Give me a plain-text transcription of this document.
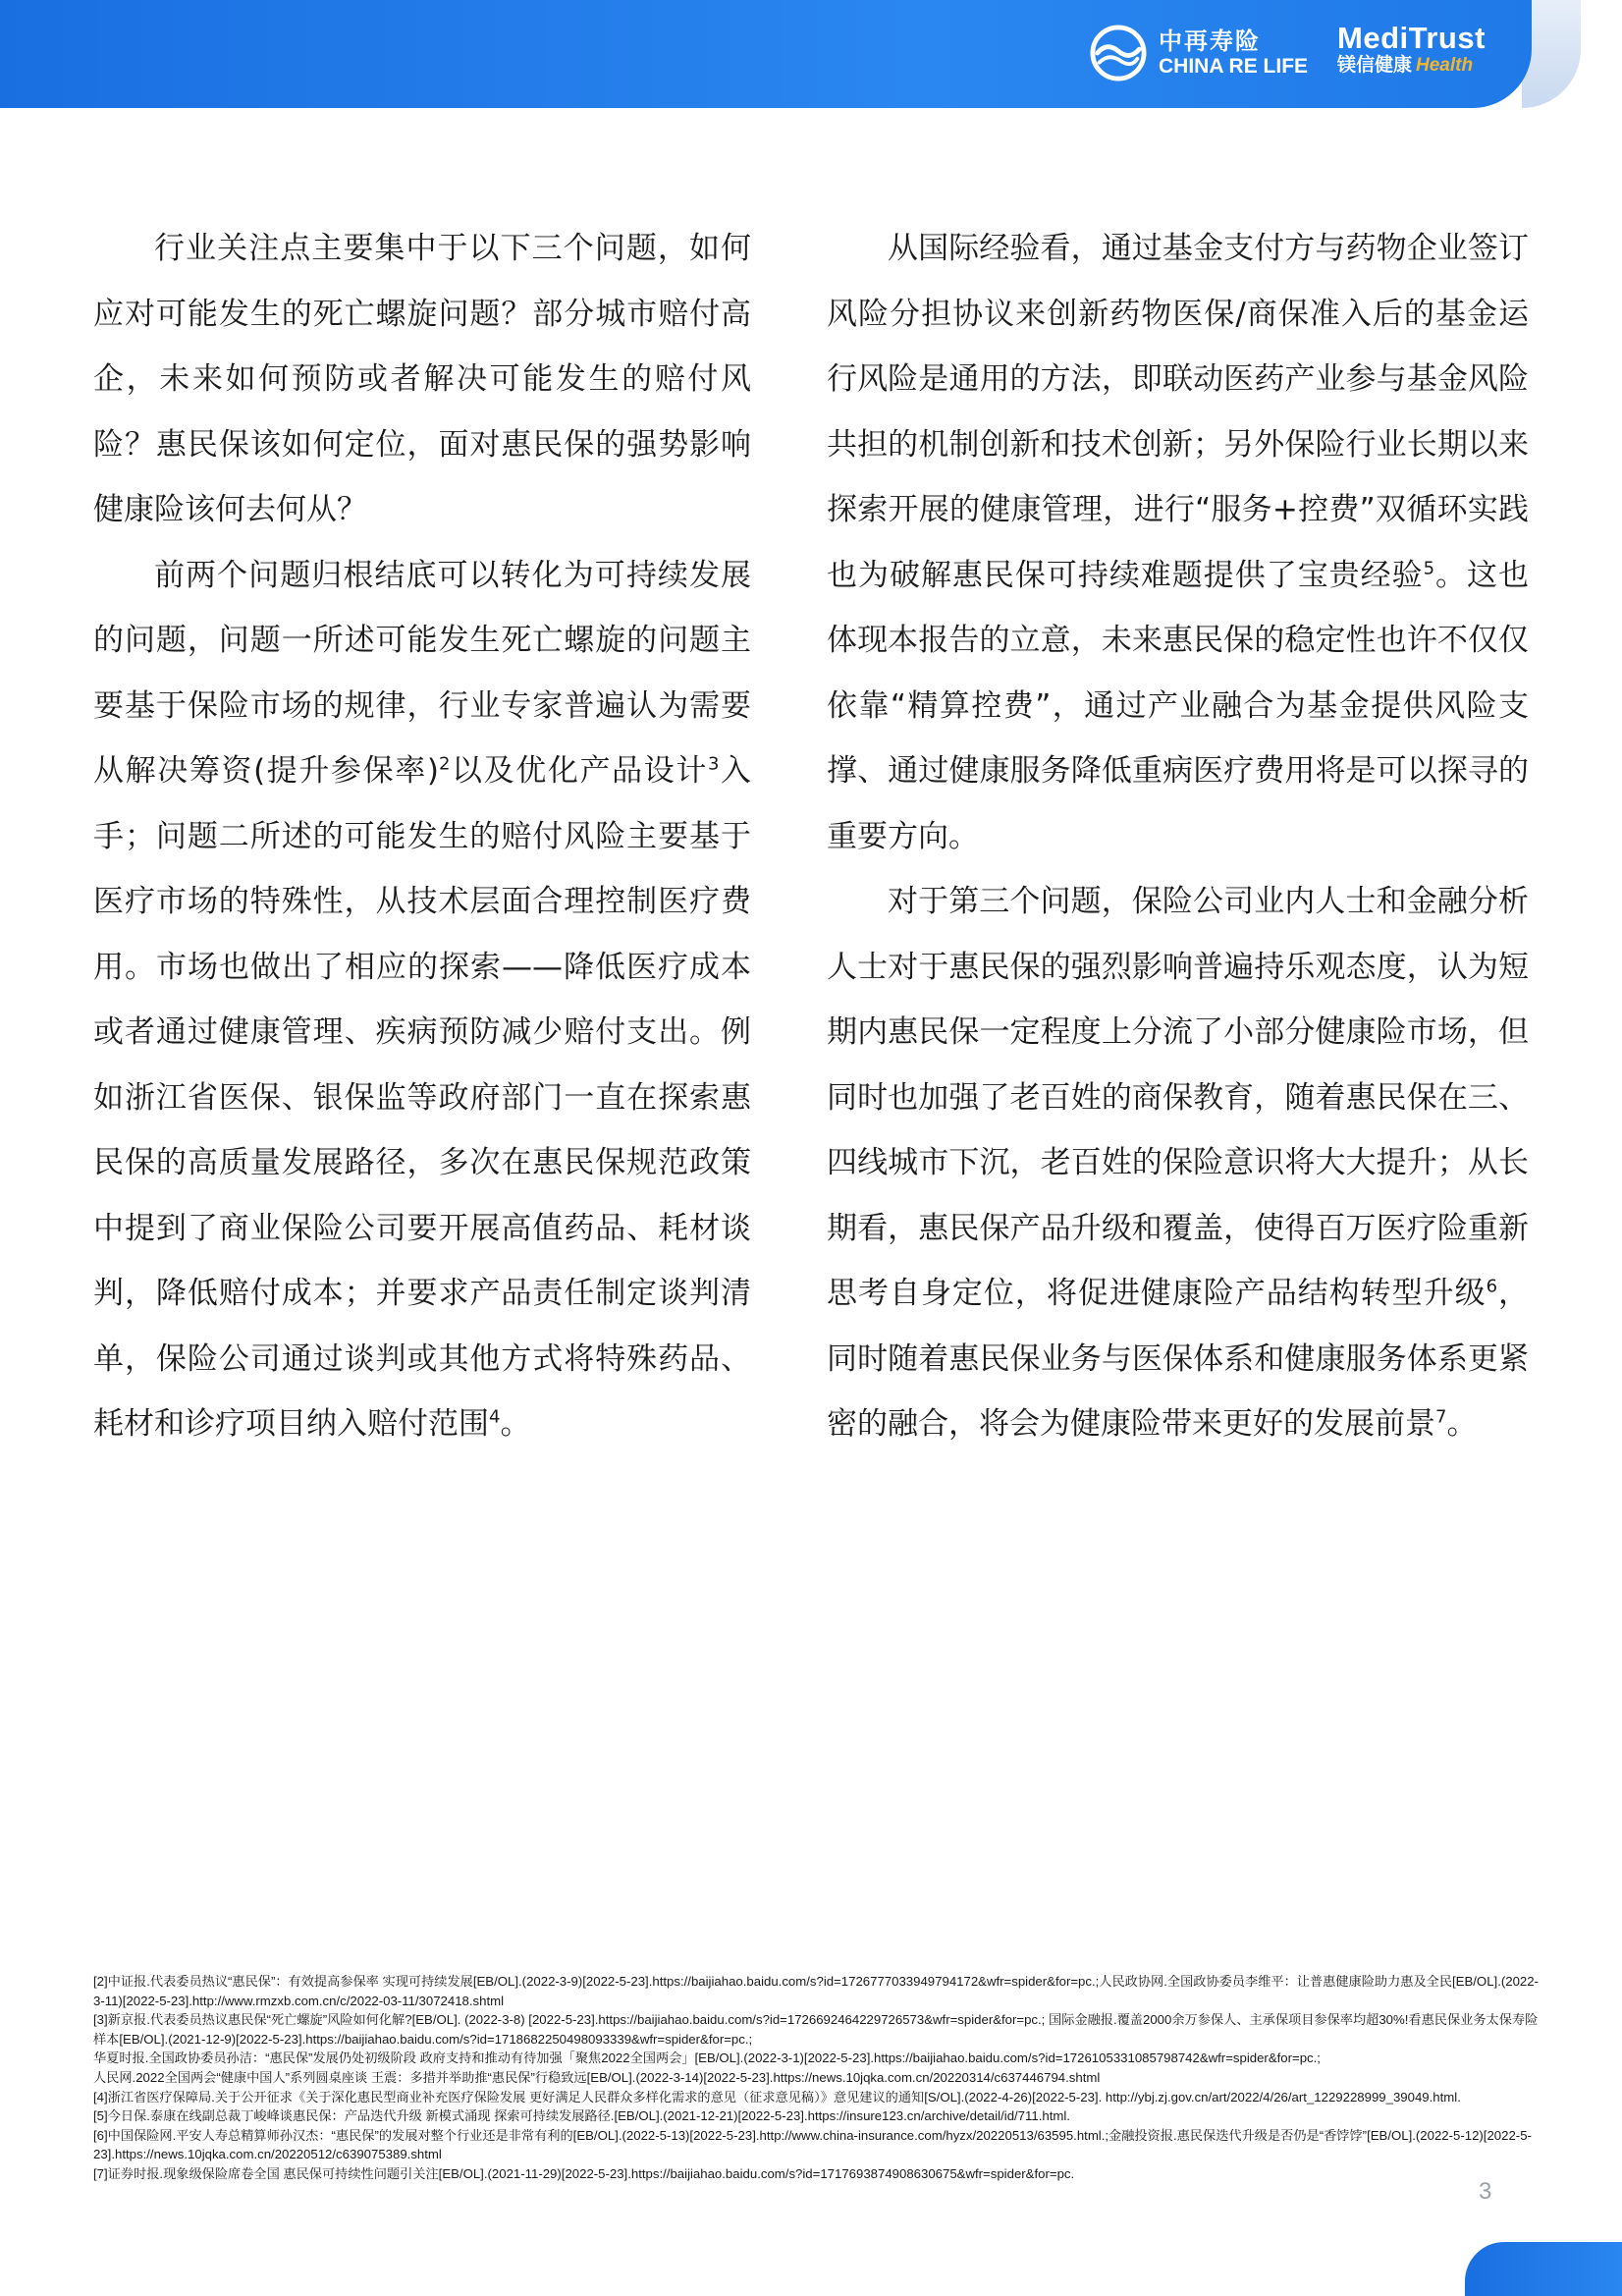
中再寿险
CHINA RE LIFE
MediTrust
镁信健康 Health

行业关注点主要集中于以下三个问题，如何应对可能发生的死亡螺旋问题？部分城市赔付高企，未来如何预防或者解决可能发生的赔付风险？惠民保该如何定位，面对惠民保的强势影响健康险该何去何从？

前两个问题归根结底可以转化为可持续发展的问题，问题一所述可能发生死亡螺旋的问题主要基于保险市场的规律，行业专家普遍认为需要从解决筹资(提升参保率)$^2$以及优化产品设计$^3$入手；问题二所述的可能发生的赔付风险主要基于医疗市场的特殊性，从技术层面合理控制医疗费用。市场也做出了相应的探索——降低医疗成本或者通过健康管理、疾病预防减少赔付支出。例如浙江省医保、银保监等政府部门一直在探索惠民保的高质量发展路径，多次在惠民保规范政策中提到了商业保险公司要开展高值药品、耗材谈判，降低赔付成本；并要求产品责任制定谈判清单，保险公司通过谈判或其他方式将特殊药品、耗材和诊疗项目纳入赔付范围$^4$。

从国际经验看，通过基金支付方与药物企业签订风险分担协议来创新药物医保/商保准入后的基金运行风险是通用的方法，即联动医药产业参与基金风险共担的机制创新和技术创新；另外保险行业长期以来探索开展的健康管理，进行“服务+控费”双循环实践也为破解惠民保可持续难题提供了宝贵经验$^5$。这也体现本报告的立意，未来惠民保的稳定性也许不仅仅依靠“精算控费”，通过产业融合为基金提供风险支撑、通过健康服务降低重病医疗费用将是可以探寻的重要方向。

对于第三个问题，保险公司业内人士和金融分析人士对于惠民保的强烈影响普遍持乐观态度，认为短期内惠民保一定程度上分流了小部分健康险市场，但同时也加强了老百姓的商保教育，随着惠民保在三、四线城市下沉，老百姓的保险意识将大大提升；从长期看，惠民保产品升级和覆盖，使得百万医疗险重新思考自身定位，将促进健康险产品结构转型升级$^6$，同时随着惠民保业务与医保体系和健康服务体系更紧密的融合，将会为健康险带来更好的发展前景$^7$。

[2]中证报.代表委员热议“惠民保”：有效提高参保率 实现可持续发展[EB/OL].(2022-3-9)[2022-5-23].https://baijiahao.baidu.com/s?id=1726777033949794172&wfr=spider&for=pc.;人民政协网.全国政协委员李维平：让普惠健康险助力惠及全民[EB/OL].(2022-3-11)[2022-5-23].http://www.rmzxb.com.cn/c/2022-03-11/3072418.shtml
[3]新京报.代表委员热议惠民保“死亡螺旋”风险如何化解?[EB/OL]. (2022-3-8) [2022-5-23].https://baijiahao.baidu.com/s?id=1726692464229726573&wfr=spider&for=pc.; 国际金融报.覆盖2000余万参保人、主承保项目参保率均超30%!看惠民保业务太保寿险样本[EB/OL].(2021-12-9)[2022-5-23].https://baijiahao.baidu.com/s?id=1718682250498093339&wfr=spider&for=pc.;
华夏时报.全国政协委员孙洁：“惠民保”发展仍处初级阶段 政府支持和推动有待加强「聚焦2022全国两会」[EB/OL].(2022-3-1)[2022-5-23].https://baijiahao.baidu.com/s?id=1726105331085798742&wfr=spider&for=pc.;
人民网.2022全国两会“健康中国人”系列圆桌座谈 王震：多措并举助推“惠民保”行稳致远[EB/OL].(2022-3-14)[2022-5-23].https://news.10jqka.com.cn/20220314/c637446794.shtml
[4]浙江省医疗保障局.关于公开征求《关于深化惠民型商业补充医疗保险发展 更好满足人民群众多样化需求的意见（征求意见稿）》意见建议的通知[S/OL].(2022-4-26)[2022-5-23]. http://ybj.zj.gov.cn/art/2022/4/26/art_1229228999_39049.html.
[5]今日保.泰康在线副总裁丁峻峰谈惠民保：产品迭代升级 新模式涌现 探索可持续发展路径.[EB/OL].(2021-12-21)[2022-5-23].https://insure123.cn/archive/detail/id/711.html.
[6]中国保险网.平安人寿总精算师孙汉杰：“惠民保”的发展对整个行业还是非常有利的[EB/OL].(2022-5-13)[2022-5-23].http://www.china-insurance.com/hyzx/20220513/63595.html.;金融投资报.惠民保迭代升级是否仍是“香饽饽”[EB/OL].(2022-5-12)[2022-5-23].https://news.10jqka.com.cn/20220512/c639075389.shtml
[7]证券时报.现象级保险席卷全国 惠民保可持续性问题引关注[EB/OL].(2021-11-29)[2022-5-23].https://baijiahao.baidu.com/s?id=1717693874908630675&wfr=spider&for=pc.
3
